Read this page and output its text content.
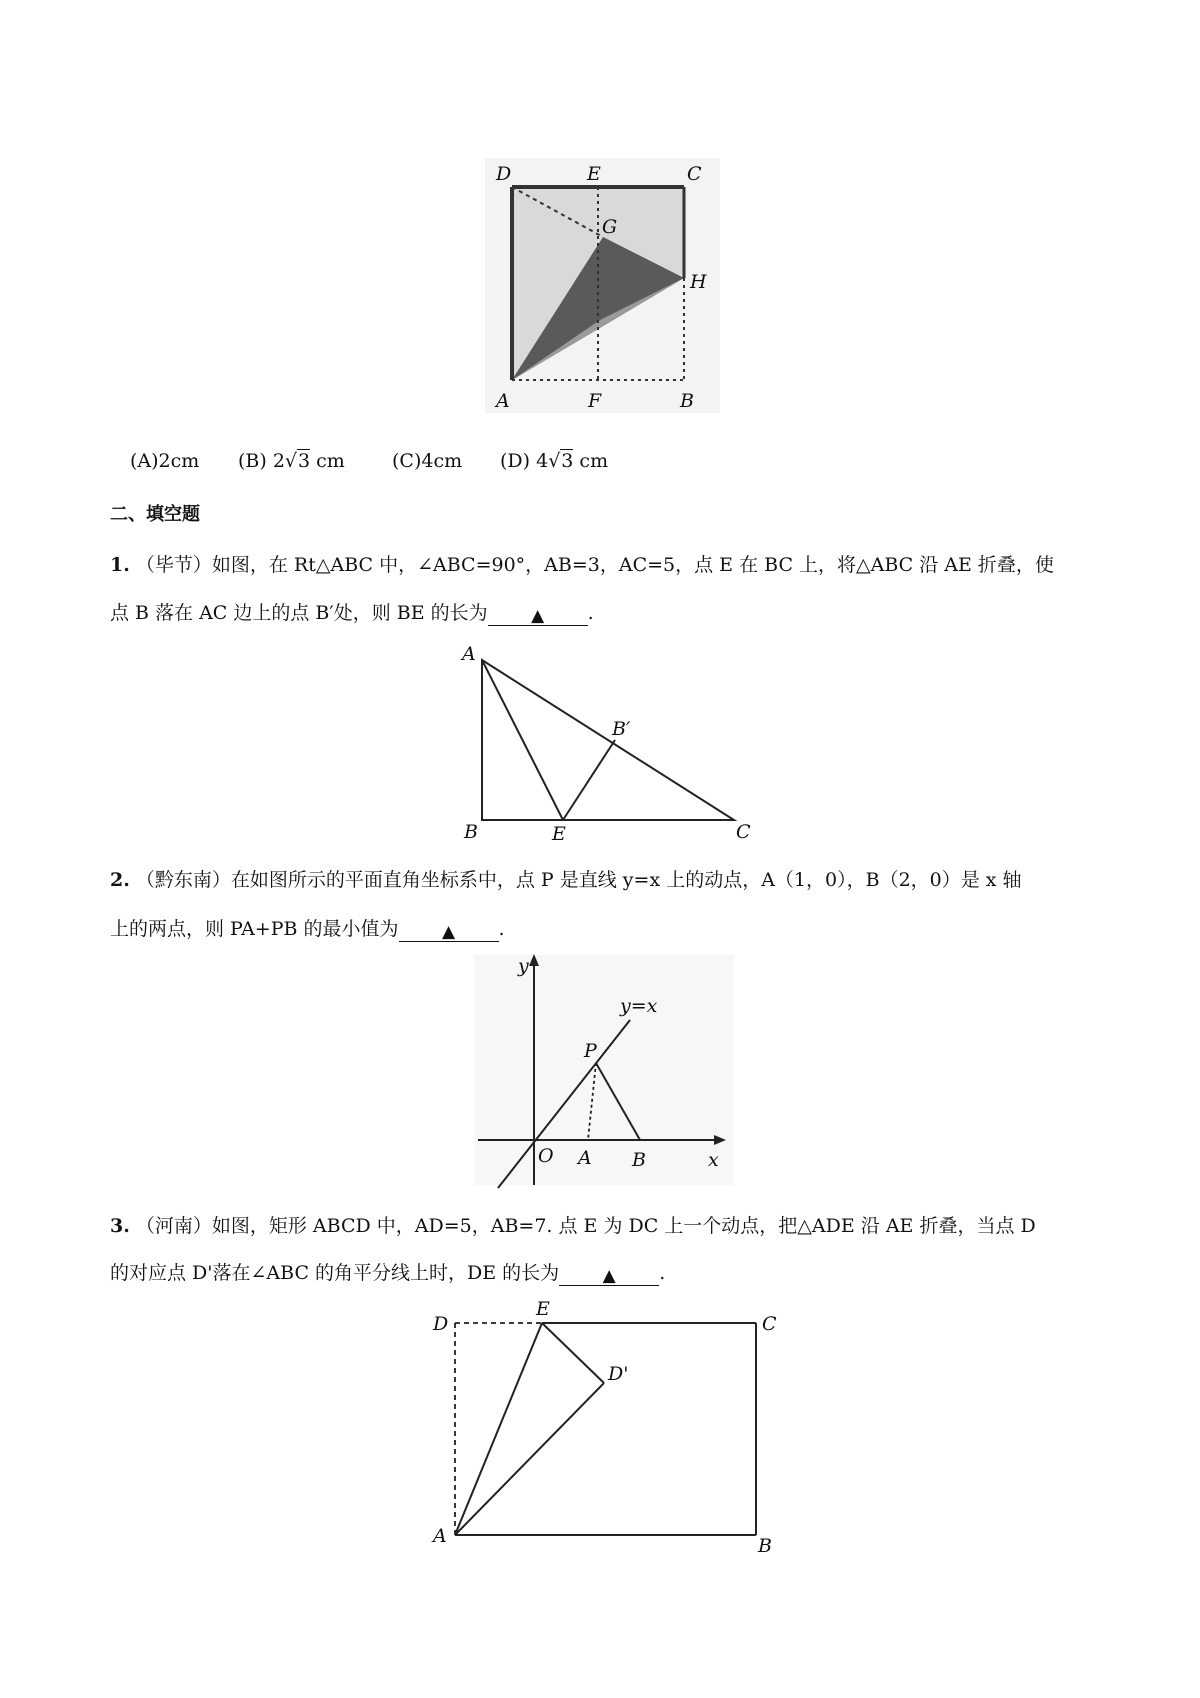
D	E	C
G
H
A	F	B
(A)2cm (B) 2√3 cm (C)4cm (D) 4√3 cm
二、填空题
1. （毕节）如图，在 Rt△ABC 中，∠ABC=90°，AB=3，AC=5，点 E 在 BC 上，将△ABC 沿 AE 折叠，使
点 B 落在 AC 边上的点 B′处，则 BE 的长为	▲ .
A
B
B′
C
E
2. （黔东南）在如图所示的平面直角坐标系中，点 P 是直线 y=x 上的动点，A（1，0），B（2，0）是 x 轴
上的两点，则 PA+PB 的最小值为	▲ .
y
y=x
P
O A B	x
3. （河南）如图，矩形 ABCD 中，AD=5，AB=7. 点 E 为 DC 上一个动点，把△ADE 沿 AE 折叠，当点 D
的对应点 D'落在∠ABC 的角平分线上时，DE 的长为	▲ .
D
E
C
D'
A	B
